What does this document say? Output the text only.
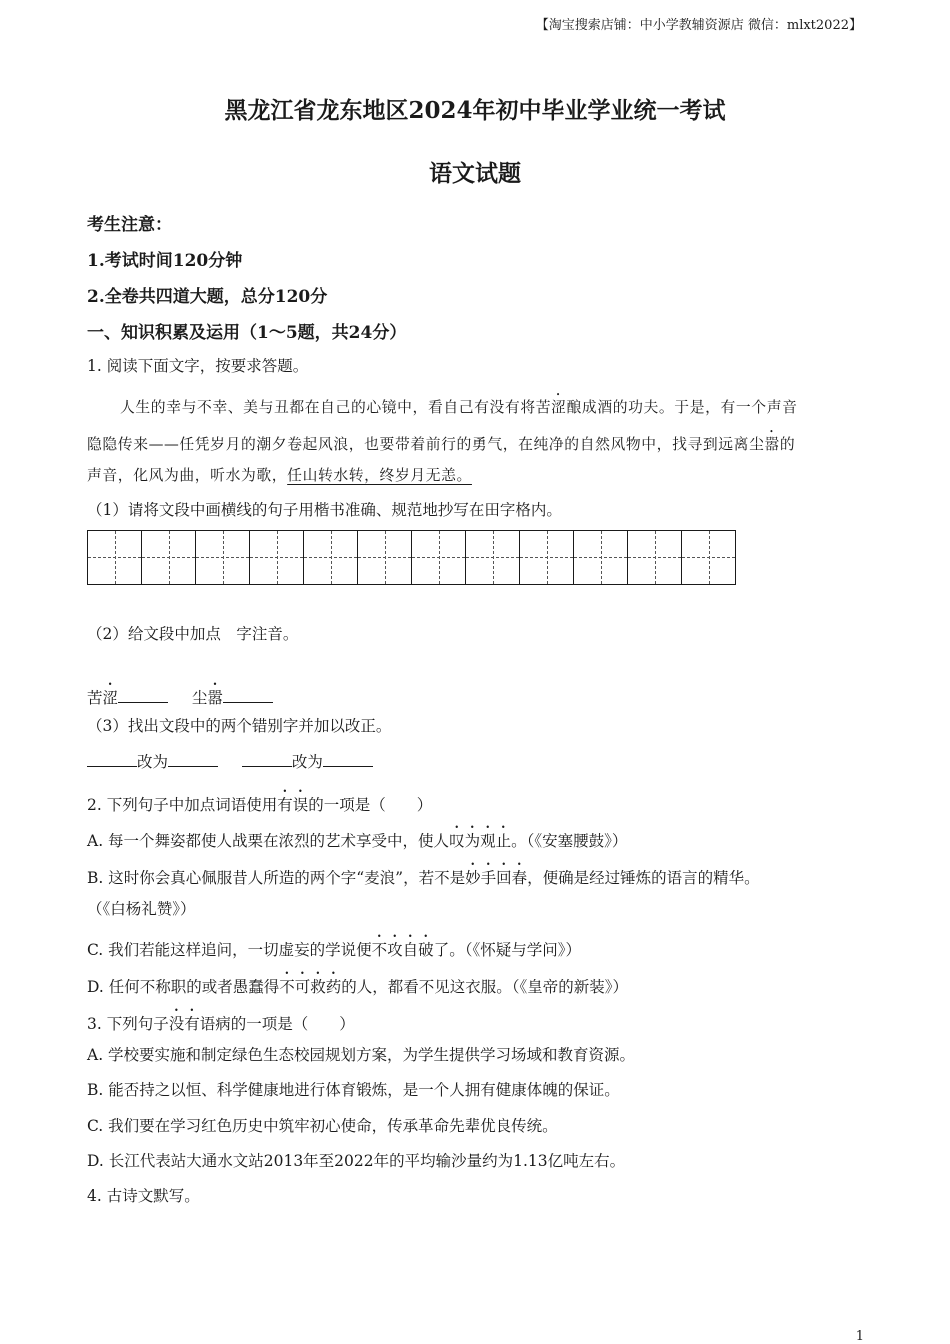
【淘宝搜索店铺：中小学教辅资源店 微信：mlxt2022】
黑龙江省龙东地区2024年初中毕业学业统一考试
语文试题
考生注意：
1.考试时间120分钟
2.全卷共四道大题，总分120分
一、知识积累及运用（1～5题，共24分）
1. 阅读下面文字，按要求答题。
人生的幸与不幸、美与丑都在自己的心镜中，看自己有没有将苦涩酿成酒的功夫。于是，有一个声音
隐隐传来——任凭岁月的潮夕卷起风浪，也要带着前行的勇气，在纯净的自然风物中，找寻到远离尘嚣的
声音，化风为曲，听水为歌，任山转水转，终岁月无恙。
（1）请将文段中画横线的句子用楷书准确、规范地抄写在田字格内。
（2）给文段中加点　字注音。
苦涩	尘嚣
（3）找出文段中的两个错别字并加以改正。
改为	改为
2. 下列句子中加点词语使用有误的一项是（　　）
A. 每一个舞姿都使人战栗在浓烈的艺术享受中，使人叹为观止。（《安塞腰鼓》）
B. 这时你会真心佩服昔人所造的两个字“麦浪”，若不是妙手回春，便确是经过锤炼的语言的精华。
（《白杨礼赞》）
C. 我们若能这样追问，一切虚妄的学说便不攻自破了。（《怀疑与学问》）
D. 任何不称职的或者愚蠢得不可救药的人，都看不见这衣服。（《皇帝的新装》）
3. 下列句子没有语病的一项是（　　）
A. 学校要实施和制定绿色生态校园规划方案，为学生提供学习场域和教育资源。
B. 能否持之以恒、科学健康地进行体育锻炼，是一个人拥有健康体魄的保证。
C. 我们要在学习红色历史中筑牢初心使命，传承革命先辈优良传统。
D. 长江代表站大通水文站2013年至2022年的平均输沙量约为1.13亿吨左右。
4. 古诗文默写。
1
